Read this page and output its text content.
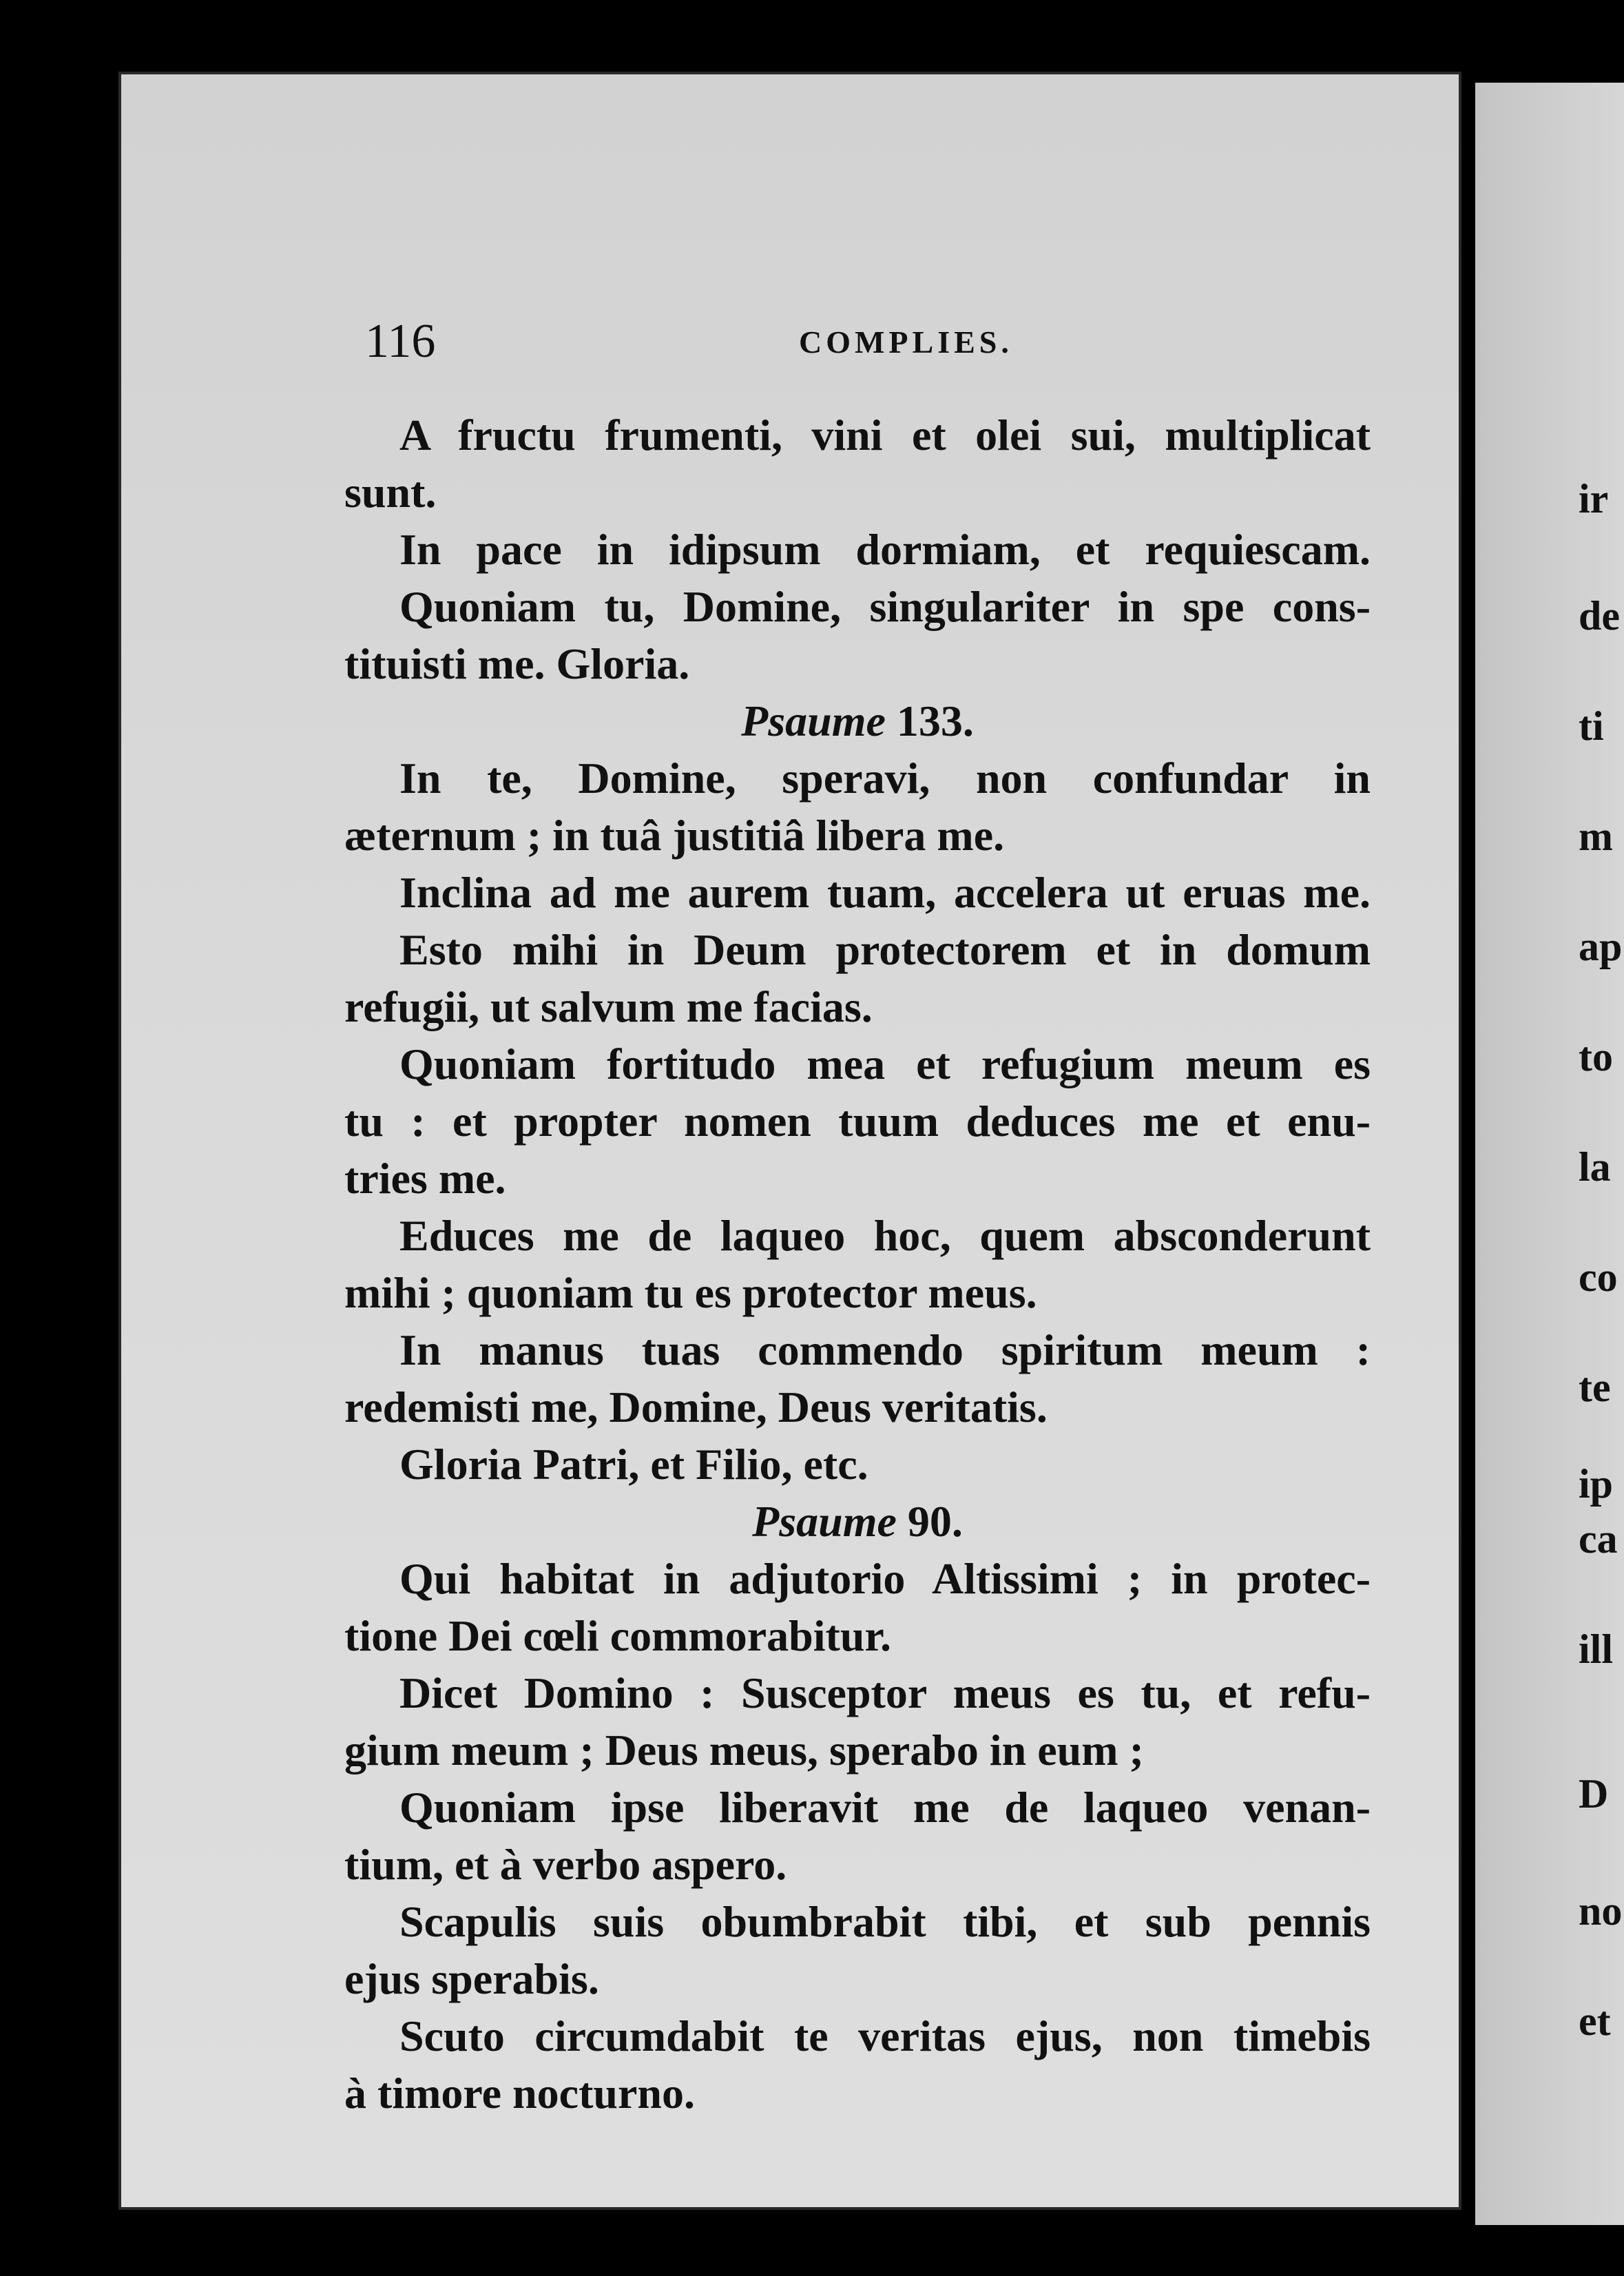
ir
de
ti
m
ap
to
la
co
te
ip
ca
ill
D
no
et
116	COMPLIES.
A fructu frumenti, vini et olei sui, multiplicat
sunt.
In pace in idipsum dormiam, et requiescam.
Quoniam tu, Domine, singulariter in spe cons-
tituisti me. Gloria.
Psaume 133.
In te, Domine, speravi, non confundar in
æternum ; in tuâ justitiâ libera me.
Inclina ad me aurem tuam, accelera ut eruas me.
Esto mihi in Deum protectorem et in domum
refugii, ut salvum me facias.
Quoniam fortitudo mea et refugium meum es
tu : et propter nomen tuum deduces me et enu-
tries me.
Educes me de laqueo hoc, quem absconderunt
mihi ; quoniam tu es protector meus.
In manus tuas commendo spiritum meum :
redemisti me, Domine, Deus veritatis.
Gloria Patri, et Filio, etc.
Psaume 90.
Qui habitat in adjutorio Altissimi ; in protec-
tione Dei cœli commorabitur.
Dicet Domino : Susceptor meus es tu, et refu-
gium meum ; Deus meus, sperabo in eum ;
Quoniam ipse liberavit me de laqueo venan-
tium, et à verbo aspero.
Scapulis suis obumbrabit tibi, et sub pennis
ejus sperabis.
Scuto circumdabit te veritas ejus, non timebis
à timore nocturno.
